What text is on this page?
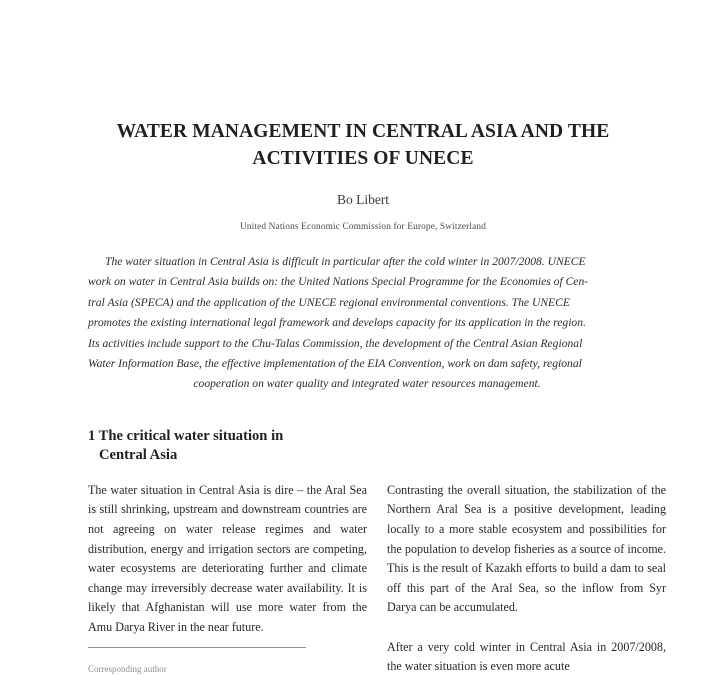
WATER MANAGEMENT IN CENTRAL ASIA AND THE
ACTIVITIES OF UNECE
Bo Libert
United Nations Economic Commission for Europe, Switzerland
The water situation in Central Asia is difficult in particular after the cold winter in 2007/2008. UNECE
work on water in Central Asia builds on: the United Nations Special Programme for the Economies of Cen-
tral Asia (SPECA) and the application of the UNECE regional environmental conventions. The UNECE
promotes the existing international legal framework and develops capacity for its application in the region.
Its activities include support to the Chu-Talas Commission, the development of the Central Asian Regional
Water Information Base, the effective implementation of the EIA Convention, work on dam safety, regional
cooperation on water quality and integrated water resources management.
1 The critical water situation in
Central Asia

The water situation in Central Asia is dire – the Aral Sea is still shrinking, upstream and downstream countries are not agreeing on water release regimes and water distribution, energy and irrigation sectors are competing, water ecosystems are deteriorating further and climate change may irreversibly decrease water availability. It is likely that Afghanistan will use more water from the Amu Darya River in the near future.

Contrasting the overall situation, the stabilization of the Northern Aral Sea is a positive development, leading locally to a more stable ecosystem and possibilities for the population to develop fisheries as a source of income. This is the result of Kazakh efforts to build a dam to seal off this part of the Aral Sea, so the inflow from Syr Darya can be accumulated.

After a very cold winter in Central Asia in 2007/2008, the water situation is even more acute

Corresponding author
